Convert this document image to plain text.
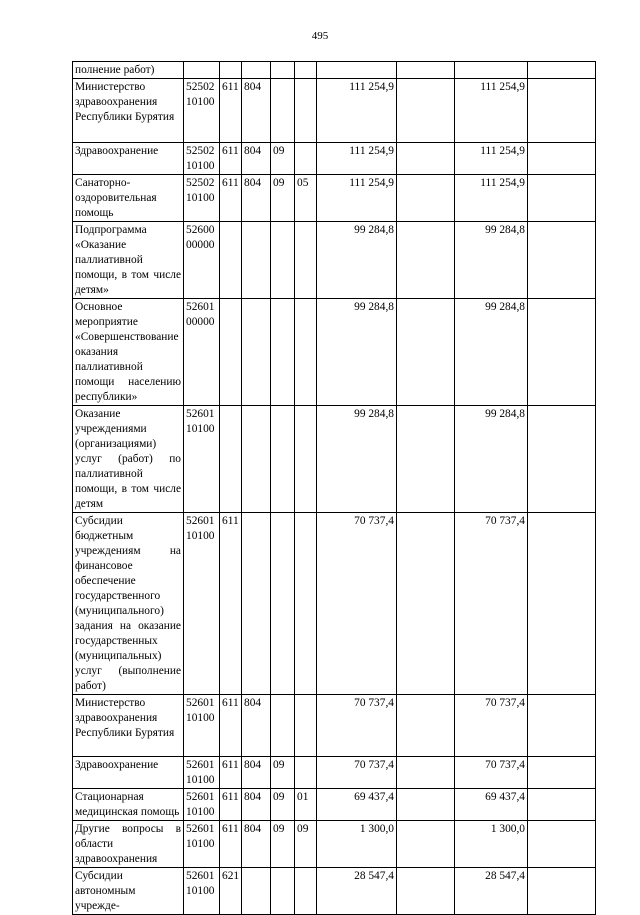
495
полнение работ)									
Министерство здравоохранения Республики Бурятия	52502 10100	611	804			111 254,9		111 254,9	
Здравоохранение	52502 10100	611	804	09		111 254,9		111 254,9	
Санаторно-оздоровительная помощь	52502 10100	611	804	09	05	111 254,9		111 254,9	
Подпрограмма «Оказание паллиативной помощи, в том числе детям»	52600 00000					99 284,8		99 284,8	
Основное мероприятие «Совершенствование оказания паллиативной помощи населению республики»	52601 00000					99 284,8		99 284,8	
Оказание учреждениями (организациями) услуг (работ) по паллиативной помощи, в том числе детям	52601 10100					99 284,8		99 284,8	
Субсидии бюджетным учреждениям на финансовое обеспечение государственного (муниципального) задания на оказание государственных (муниципальных) услуг (выполнение работ)	52601 10100	611				70 737,4		70 737,4	
Министерство здравоохранения Республики Бурятия	52601 10100	611	804			70 737,4		70 737,4	
Здравоохранение	52601 10100	611	804	09		70 737,4		70 737,4	
Стационарная медицинская помощь	52601 10100	611	804	09	01	69 437,4		69 437,4	
Другие вопросы в области здравоохранения	52601 10100	611	804	09	09	1 300,0		1 300,0	
Субсидии автономным учрежде-	52601 10100	621				28 547,4		28 547,4	
